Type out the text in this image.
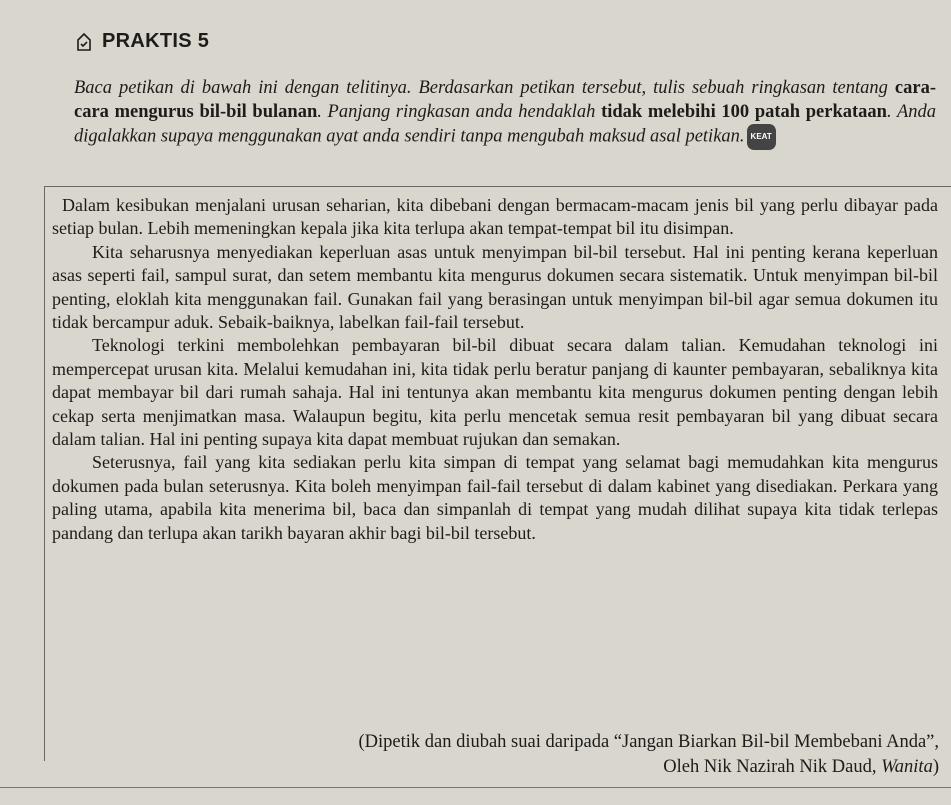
PRAKTIS 5
Baca petikan di bawah ini dengan telitinya. Berdasarkan petikan tersebut, tulis sebuah ringkasan tentang cara-cara mengurus bil-bil bulanan. Panjang ringkasan anda hendaklah tidak melebihi 100 patah perkataan. Anda digalakkan supaya menggunakan ayat anda sendiri tanpa mengubah maksud asal petikan. KEAT

Dalam kesibukan menjalani urusan seharian, kita dibebani dengan bermacam-macam jenis bil yang perlu dibayar pada setiap bulan. Lebih memeningkan kepala jika kita terlupa akan tempat-tempat bil itu disimpan.

Kita seharusnya menyediakan keperluan asas untuk menyimpan bil-bil tersebut. Hal ini penting kerana keperluan asas seperti fail, sampul surat, dan setem membantu kita mengurus dokumen secara sistematik. Untuk menyimpan bil-bil penting, eloklah kita menggunakan fail. Gunakan fail yang berasingan untuk menyimpan bil-bil agar semua dokumen itu tidak bercampur aduk. Sebaik-baiknya, labelkan fail-fail tersebut.

Teknologi terkini membolehkan pembayaran bil-bil dibuat secara dalam talian. Kemudahan teknologi ini mempercepat urusan kita. Melalui kemudahan ini, kita tidak perlu beratur panjang di kaunter pembayaran, sebaliknya kita dapat membayar bil dari rumah sahaja. Hal ini tentunya akan membantu kita mengurus dokumen penting dengan lebih cekap serta menjimatkan masa. Walaupun begitu, kita perlu mencetak semua resit pembayaran bil yang dibuat secara dalam talian. Hal ini penting supaya kita dapat membuat rujukan dan semakan.

Seterusnya, fail yang kita sediakan perlu kita simpan di tempat yang selamat bagi memudahkan kita mengurus dokumen pada bulan seterusnya. Kita boleh menyimpan fail-fail tersebut di dalam kabinet yang disediakan. Perkara yang paling utama, apabila kita menerima bil, baca dan simpanlah di tempat yang mudah dilihat supaya kita tidak terlepas pandang dan terlupa akan tarikh bayaran akhir bagi bil-bil tersebut.

(Dipetik dan diubah suai daripada “Jangan Biarkan Bil-bil Membebani Anda”,
Oleh Nik Nazirah Nik Daud, Wanita)
